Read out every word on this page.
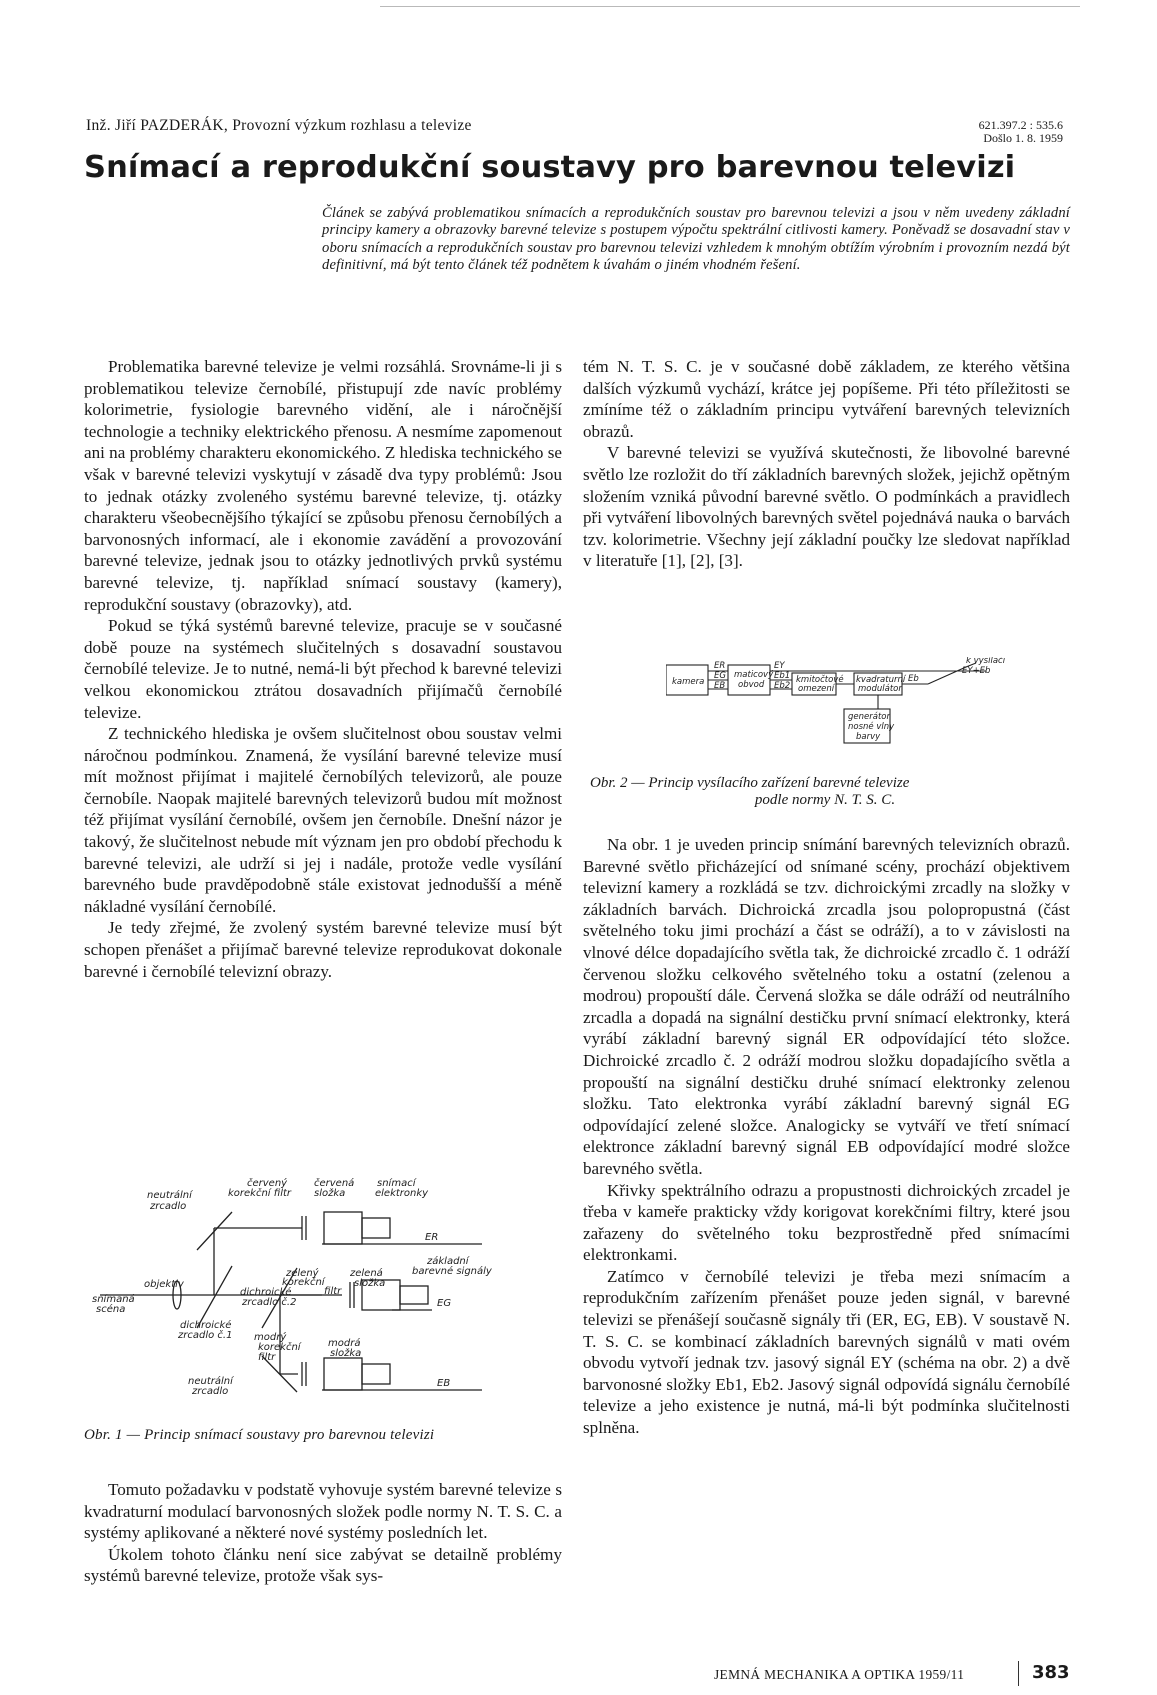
Inž. Jiří PAZDERÁK, Provozní výzkum rozhlasu a televize	621.397.2 : 535.6
Došlo 1. 8. 1959
Snímací a reprodukční soustavy pro barevnou televizi
Článek se zabývá problematikou snímacích a reprodukčních soustav pro barevnou televizi a jsou v něm uvedeny základní principy kamery a obrazovky barevné televize s postupem výpočtu spektrální citlivosti kamery. Poněvadž se dosavadní stav v oboru snímacích a reprodukčních soustav pro barevnou televizi vzhledem k mnohým obtížím výrobním i provozním nezdá být definitivní, má být tento článek též podnětem k úvahám o jiném vhodném řešení.

Problematika barevné televize je velmi rozsáhlá. Srovnáme-li ji s problematikou televize černobílé, přistupují zde navíc problémy kolorimetrie, fysiologie barevného vidění, ale i náročnější technologie a techniky elektrického přenosu. A nesmíme zapomenout ani na problémy charakteru ekonomického. Z hlediska technického se však v barevné televizi vyskytují v zásadě dva typy problémů: Jsou to jednak otázky zvoleného systému barevné televize, tj. otázky charakteru všeobecnějšího týkající se způsobu přenosu černobílých a barvonosných informací, ale i ekonomie zavádění a provozování barevné televize, jednak jsou to otázky jednotlivých prvků systému barevné televize, tj. například snímací soustavy (kamery), reprodukční soustavy (obrazovky), atd.

Pokud se týká systémů barevné televize, pracuje se v současné době pouze na systémech slučitelných s dosavadní soustavou černobílé televize. Je to nutné, nemá-li být přechod k barevné televizi velkou ekonomickou ztrátou dosavadních přijímačů černobílé televize.

Z technického hlediska je ovšem slučitelnost obou soustav velmi náročnou podmínkou. Znamená, že vysílání barevné televize musí mít možnost přijímat i majitelé černobílých televizorů, ale pouze černobíle. Naopak majitelé barevných televizorů budou mít možnost též přijímat vysílání černobílé, ovšem jen černobíle. Dnešní názor je takový, že slučitelnost nebude mít význam jen pro období přechodu k barevné televizi, ale udrží si jej i nadále, protože vedle vysílání barevného bude pravděpodobně stále existovat jednodušší a méně nákladné vysílání černobílé.

Je tedy zřejmé, že zvolený systém barevné televize musí být schopen přenášet a přijímač barevné televize reprodukovat dokonale barevné i černobílé televizní obrazy.

neutrální
zrcadlo
červený
korekční filtr
červená
složka
snímací
elektronky
ER
základní
barevné signály
zelený
korekční
filtr
zelená
složka
objektiv
snímaná
scéna
dichroické
zrcadlo č.2	EG
dichroické
zrcadlo č.1 modrý
korekční
filtr
modrá
složka
EB
neutrální
zrcadlo
Obr. 1 — Princip snímací soustavy pro barevnou televizi

Tomuto požadavku v podstatě vyhovuje systém barevné televize s kvadraturní modulací barvonosných složek podle normy N. T. S. C. a systémy aplikované a některé nové systémy posledních let.

Úkolem tohoto článku není sice zabývat se detailně problémy systémů barevné televize, protože však sys-

tém N. T. S. C. je v současné době základem, ze kterého většina dalších výzkumů vychází, krátce jej popíšeme. Při této příležitosti se zmíníme též o základním principu vytváření barevných televizních obrazů.

V barevné televizi se využívá skutečnosti, že libovolné barevné světlo lze rozložit do tří základních barevných složek, jejichž opětným složením vzniká původní barevné světlo. O podmínkách a pravidlech při vytváření libovolných barevných světel pojednává nauka o barvách tzv. kolorimetrie. Všechny její základní poučky lze sledovat například v literatuře [1], [2], [3].

kamera
ER
EG
EB
maticový
obvod
EY
Eb1
Eb2
kmitočtové
omezení
kvadraturní
modulátor
Eb
k vysílači
EY+Eb
generátor
nosné vlny
barvy
Obr. 2 — Princip vysílacího zařízení barevné televize
podle normy N. T. S. C.

Na obr. 1 je uveden princip snímání barevných televizních obrazů. Barevné světlo přicházející od snímané scény, prochází objektivem televizní kamery a rozkládá se tzv. dichroickými zrcadly na složky v základních barvách. Dichroická zrcadla jsou polopropustná (část světelného toku jimi prochází a část se odráží), a to v závislosti na vlnové délce dopadajícího světla tak, že dichroické zrcadlo č. 1 odráží červenou složku celkového světelného toku a ostatní (zelenou a modrou) propouští dále. Červená složka se dále odráží od neutrálního zrcadla a dopadá na signální destičku první snímací elektronky, která vyrábí základní barevný signál ER odpovídající této složce. Dichroické zrcadlo č. 2 odráží modrou složku dopadajícího světla a propouští na signální destičku druhé snímací elektronky zelenou složku. Tato elektronka vyrábí základní barevný signál EG odpovídající zelené složce. Analogicky se vytváří ve třetí snímací elektronce základní barevný signál EB odpovídající modré složce barevného světla.

Křivky spektrálního odrazu a propustnosti dichroických zrcadel je třeba v kameře prakticky vždy korigovat korekčními filtry, které jsou zařazeny do světelného toku bezprostředně před snímacími elektronkami.

Zatímco v černobílé televizi je třeba mezi snímacím a reprodukčním zařízením přenášet pouze jeden signál, v barevné televizi se přenášejí současně signály tři (ER, EG, EB). V soustavě N. T. S. C. se kombinací základních barevných signálů v mati ovém obvodu vytvoří jednak tzv. jasový signál EY (schéma na obr. 2) a dvě barvonosné složky Eb1, Eb2. Jasový signál odpovídá signálu černobílé televize a jeho existence je nutná, má-li být podmínka slučitelnosti splněna.

JEMNÁ MECHANIKA A OPTIKA 1959/11	383
